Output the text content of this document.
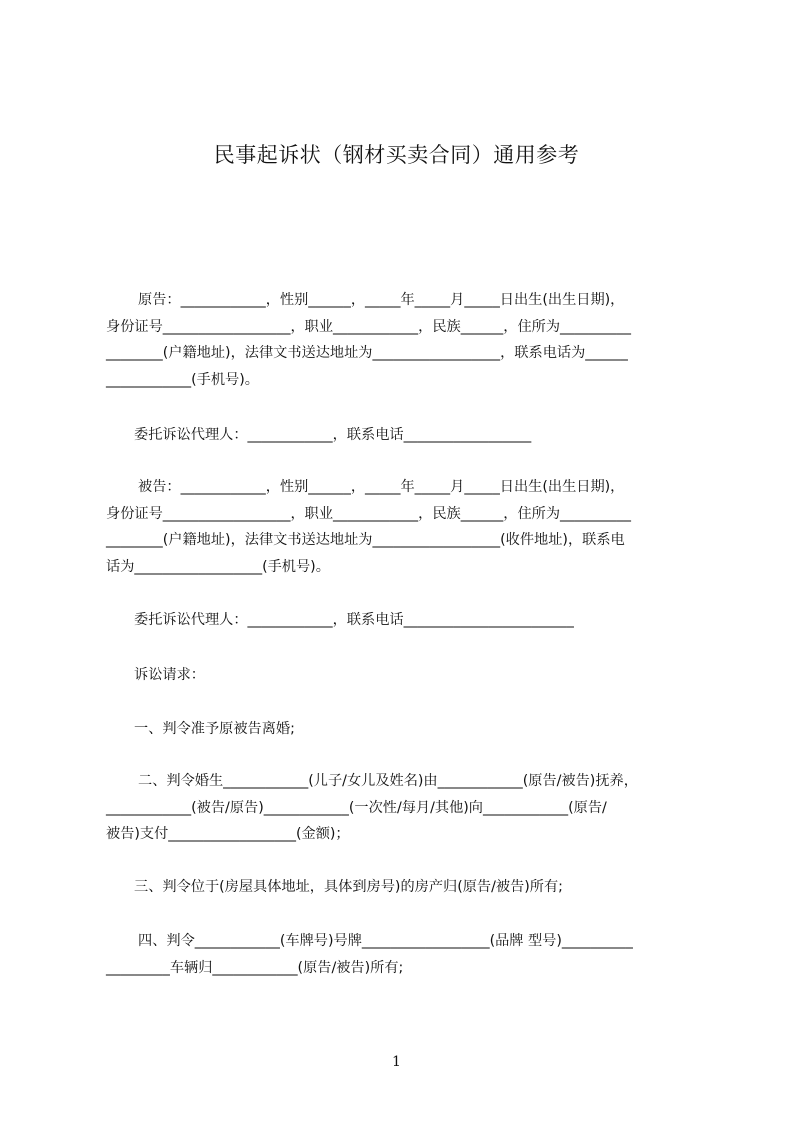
民事起诉状（钢材买卖合同）通用参考
原告：____________，性别______，_____年_____月_____日出生(出生日期)，
身份证号__________________，职业____________，民族______，住所为__________
________(户籍地址)，法律文书送达地址为__________________，联系电话为______
____________(手机号)。
委托诉讼代理人：____________，联系电话__________________
被告：____________，性别______，_____年_____月_____日出生(出生日期)，
身份证号__________________，职业____________，民族______，住所为__________
________(户籍地址)，法律文书送达地址为__________________(收件地址)，联系电
话为__________________(手机号)。
委托诉讼代理人：____________，联系电话________________________
诉讼请求：
一、判令准予原被告离婚;
二、判令婚生____________(儿子/女儿及姓名)由____________(原告/被告)抚养，
____________(被告/原告)____________(一次性/每月/其他)向____________(原告/
被告)支付__________________(金额)；
三、判令位于(房屋具体地址，具体到房号)的房产归(原告/被告)所有;
四、判令____________(车牌号)号牌__________________(品牌 型号)__________
_________车辆归____________(原告/被告)所有;
1
